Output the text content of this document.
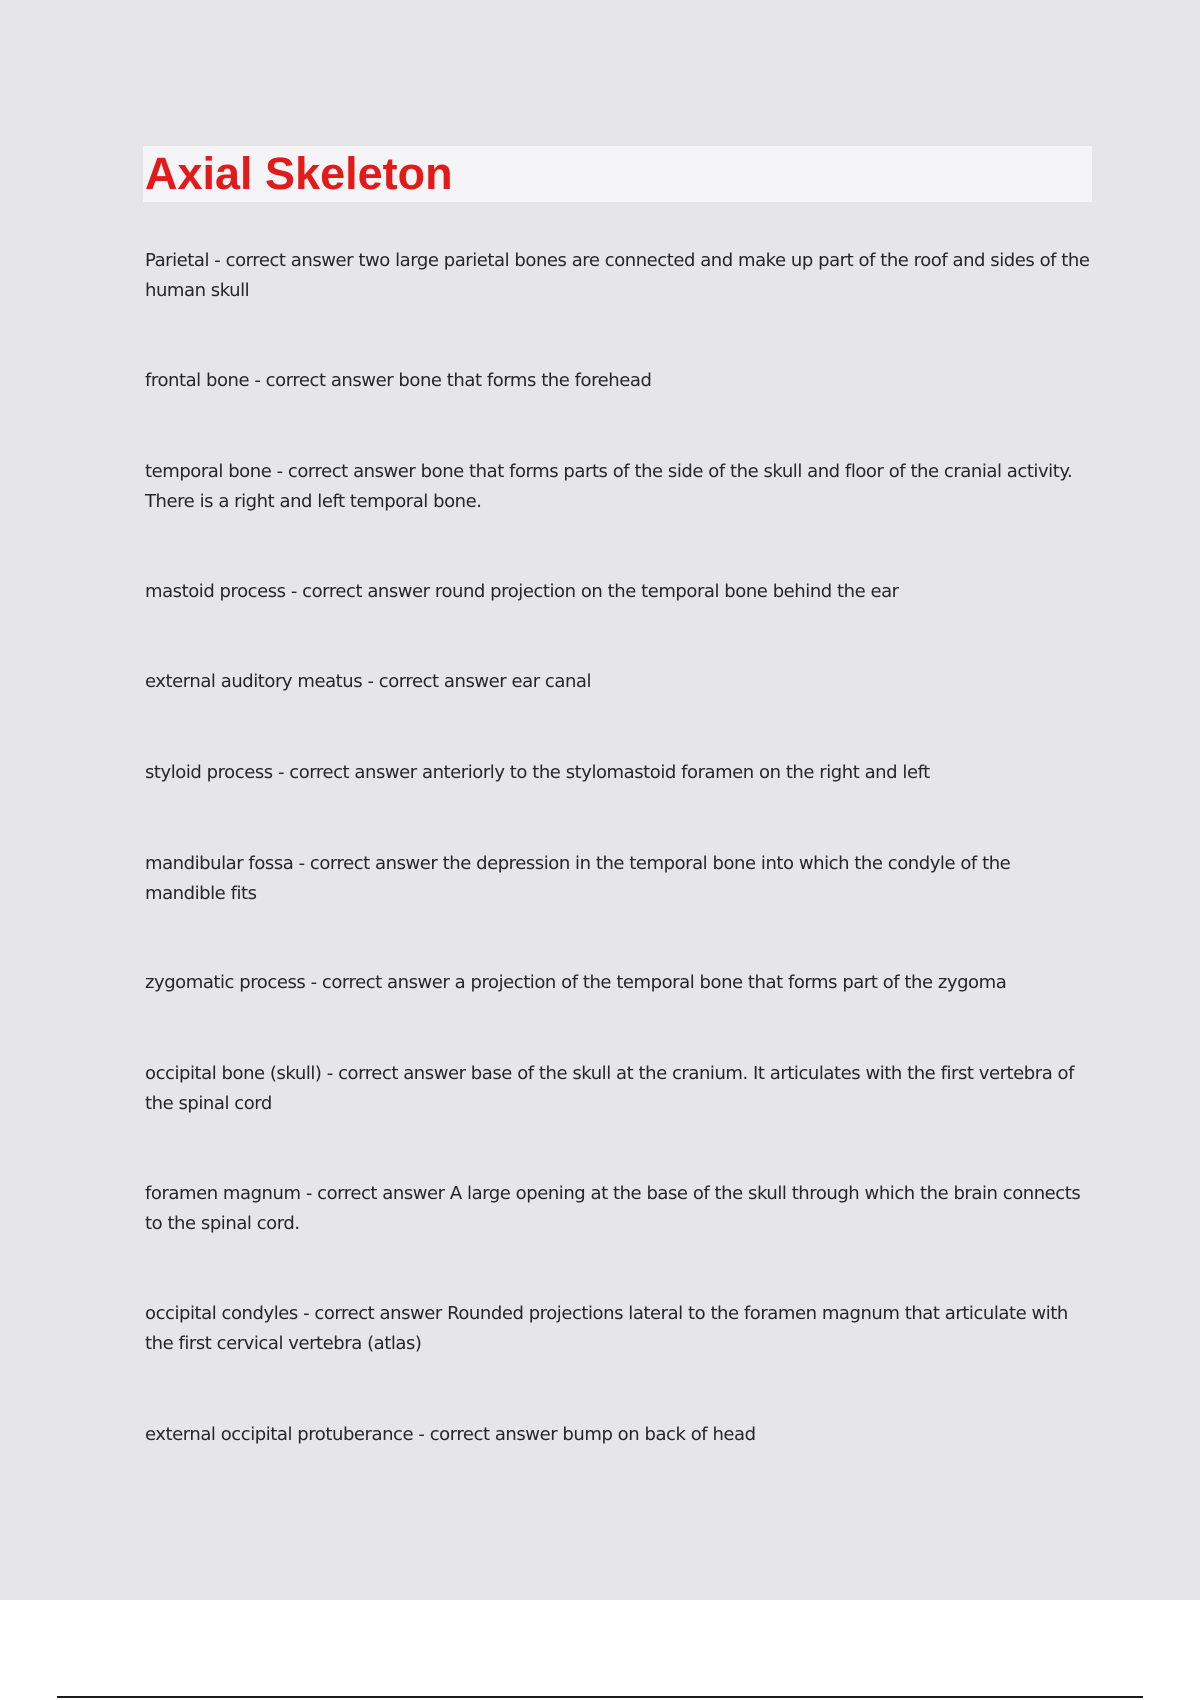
Axial Skeleton

Parietal - correct answer two large parietal bones are connected and make up part of the roof and sides of the human skull

frontal bone - correct answer bone that forms the forehead

temporal bone - correct answer bone that forms parts of the side of the skull and floor of the cranial activity. There is a right and left temporal bone.

mastoid process - correct answer round projection on the temporal bone behind the ear

external auditory meatus - correct answer ear canal

styloid process - correct answer anteriorly to the stylomastoid foramen on the right and left

mandibular fossa - correct answer the depression in the temporal bone into which the condyle of the mandible fits

zygomatic process - correct answer a projection of the temporal bone that forms part of the zygoma

occipital bone (skull) - correct answer base of the skull at the cranium. It articulates with the first vertebra of the spinal cord

foramen magnum - correct answer A large opening at the base of the skull through which the brain connects to the spinal cord.

occipital condyles - correct answer Rounded projections lateral to the foramen magnum that articulate with the first cervical vertebra (atlas)

external occipital protuberance - correct answer bump on back of head
